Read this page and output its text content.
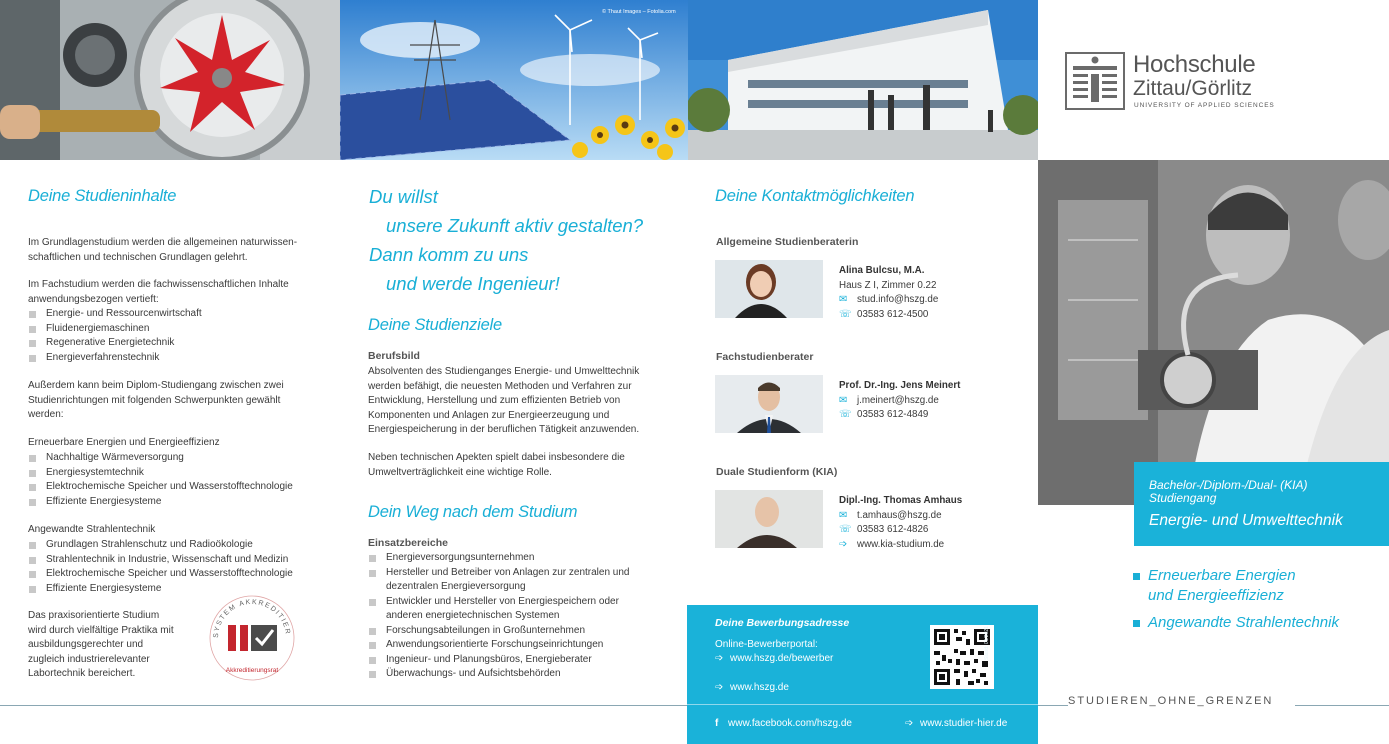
© Thaut Images – Fotolia.com
Hochschule
Zittau/Görlitz
UNIVERSITY OF APPLIED SCIENCES
Deine Studieninhalte
Im Grundlagenstudium werden die allgemeinen naturwissen-schaftlichen und technischen Grundlagen gelehrt.
Im Fachstudium werden die fachwissenschaftlichen Inhalte anwendungsbezogen vertieft:
Energie- und Ressourcenwirtschaft
Fluidenergiemaschinen
Regenerative Energietechnik
Energieverfahrenstechnik
Außerdem kann beim Diplom-Studiengang zwischen zwei Studienrichtungen mit folgenden Schwerpunkten gewählt werden:
Erneuerbare Energien und Energieeffizienz
Nachhaltige Wärmeversorgung
Energiesystemtechnik
Elektrochemische Speicher und Wasserstofftechnologie
Effiziente Energiesysteme
Angewandte Strahlentechnik
Grundlagen Strahlenschutz und Radioökologie
Strahlentechnik in Industrie, Wissenschaft und Medizin
Elektrochemische Speicher und Wasserstofftechnologie
Effiziente Energiesysteme
Das praxisorientierte Studium wird durch vielfältige Praktika mit ausbildungsgerechter und zugleich industrierelevanter Labortechnik bereichert.
SYSTEM AKKREDITIER
Akkreditierungsrat
Du willst
unsere Zukunft aktiv gestalten?
Dann komm zu uns
und werde Ingenieur!
Deine Studienziele
Berufsbild
Absolventen des Studienganges Energie- und Umwelttechnik werden befähigt, die neuesten Methoden und Verfahren zur Entwicklung, Herstellung und zum effizienten Betrieb von Komponenten und Anlagen zur Energieerzeugung und Energiespeicherung in der beruflichen Tätigkeit anzuwenden.
Neben technischen Apekten spielt dabei insbesondere die Umweltverträglichkeit eine wichtige Rolle.
Dein Weg nach dem Studium
Einsatzbereiche
Energieversorgungsunternehmen
Hersteller und Betreiber von Anlagen zur zentralen und dezentralen Energieversorgung
Entwickler und Hersteller von Energiespeichern oder anderen energietechnischen Systemen
Forschungsabteilungen in Großunternehmen
Anwendungsorientierte Forschungseinrichtungen
Ingenieur- und Planungsbüros, Energieberater
Überwachungs- und Aufsichtsbehörden
Deine Kontaktmöglichkeiten
Allgemeine Studienberaterin
Alina Bulcsu, M.A.
Haus Z I, Zimmer 0.22
✉ stud.info@hszg.de
☏ 03583 612-4500
Fachstudienberater
Prof. Dr.-Ing. Jens Meinert
✉ j.meinert@hszg.de
☏ 03583 612-4849
Duale Studienform (KIA)
Dipl.-Ing. Thomas Amhaus
✉ t.amhaus@hszg.de
☏ 03583 612-4826
➩ www.kia-studium.de
Deine Bewerbungsadresse
Online-Bewerberportal:
➩ www.hszg.de/bewerber
➩ www.hszg.de
Stand: 01/2021
f www.facebook.com/hszg.de	➩ www.studier-hier.de
Bachelor-/Diplom-/Dual- (KIA)
Studiengang
Energie- und Umwelttechnik
Erneuerbare Energien und Energieeffizienz
Angewandte Strahlentechnik
STUDIEREN_OHNE_GRENZEN
